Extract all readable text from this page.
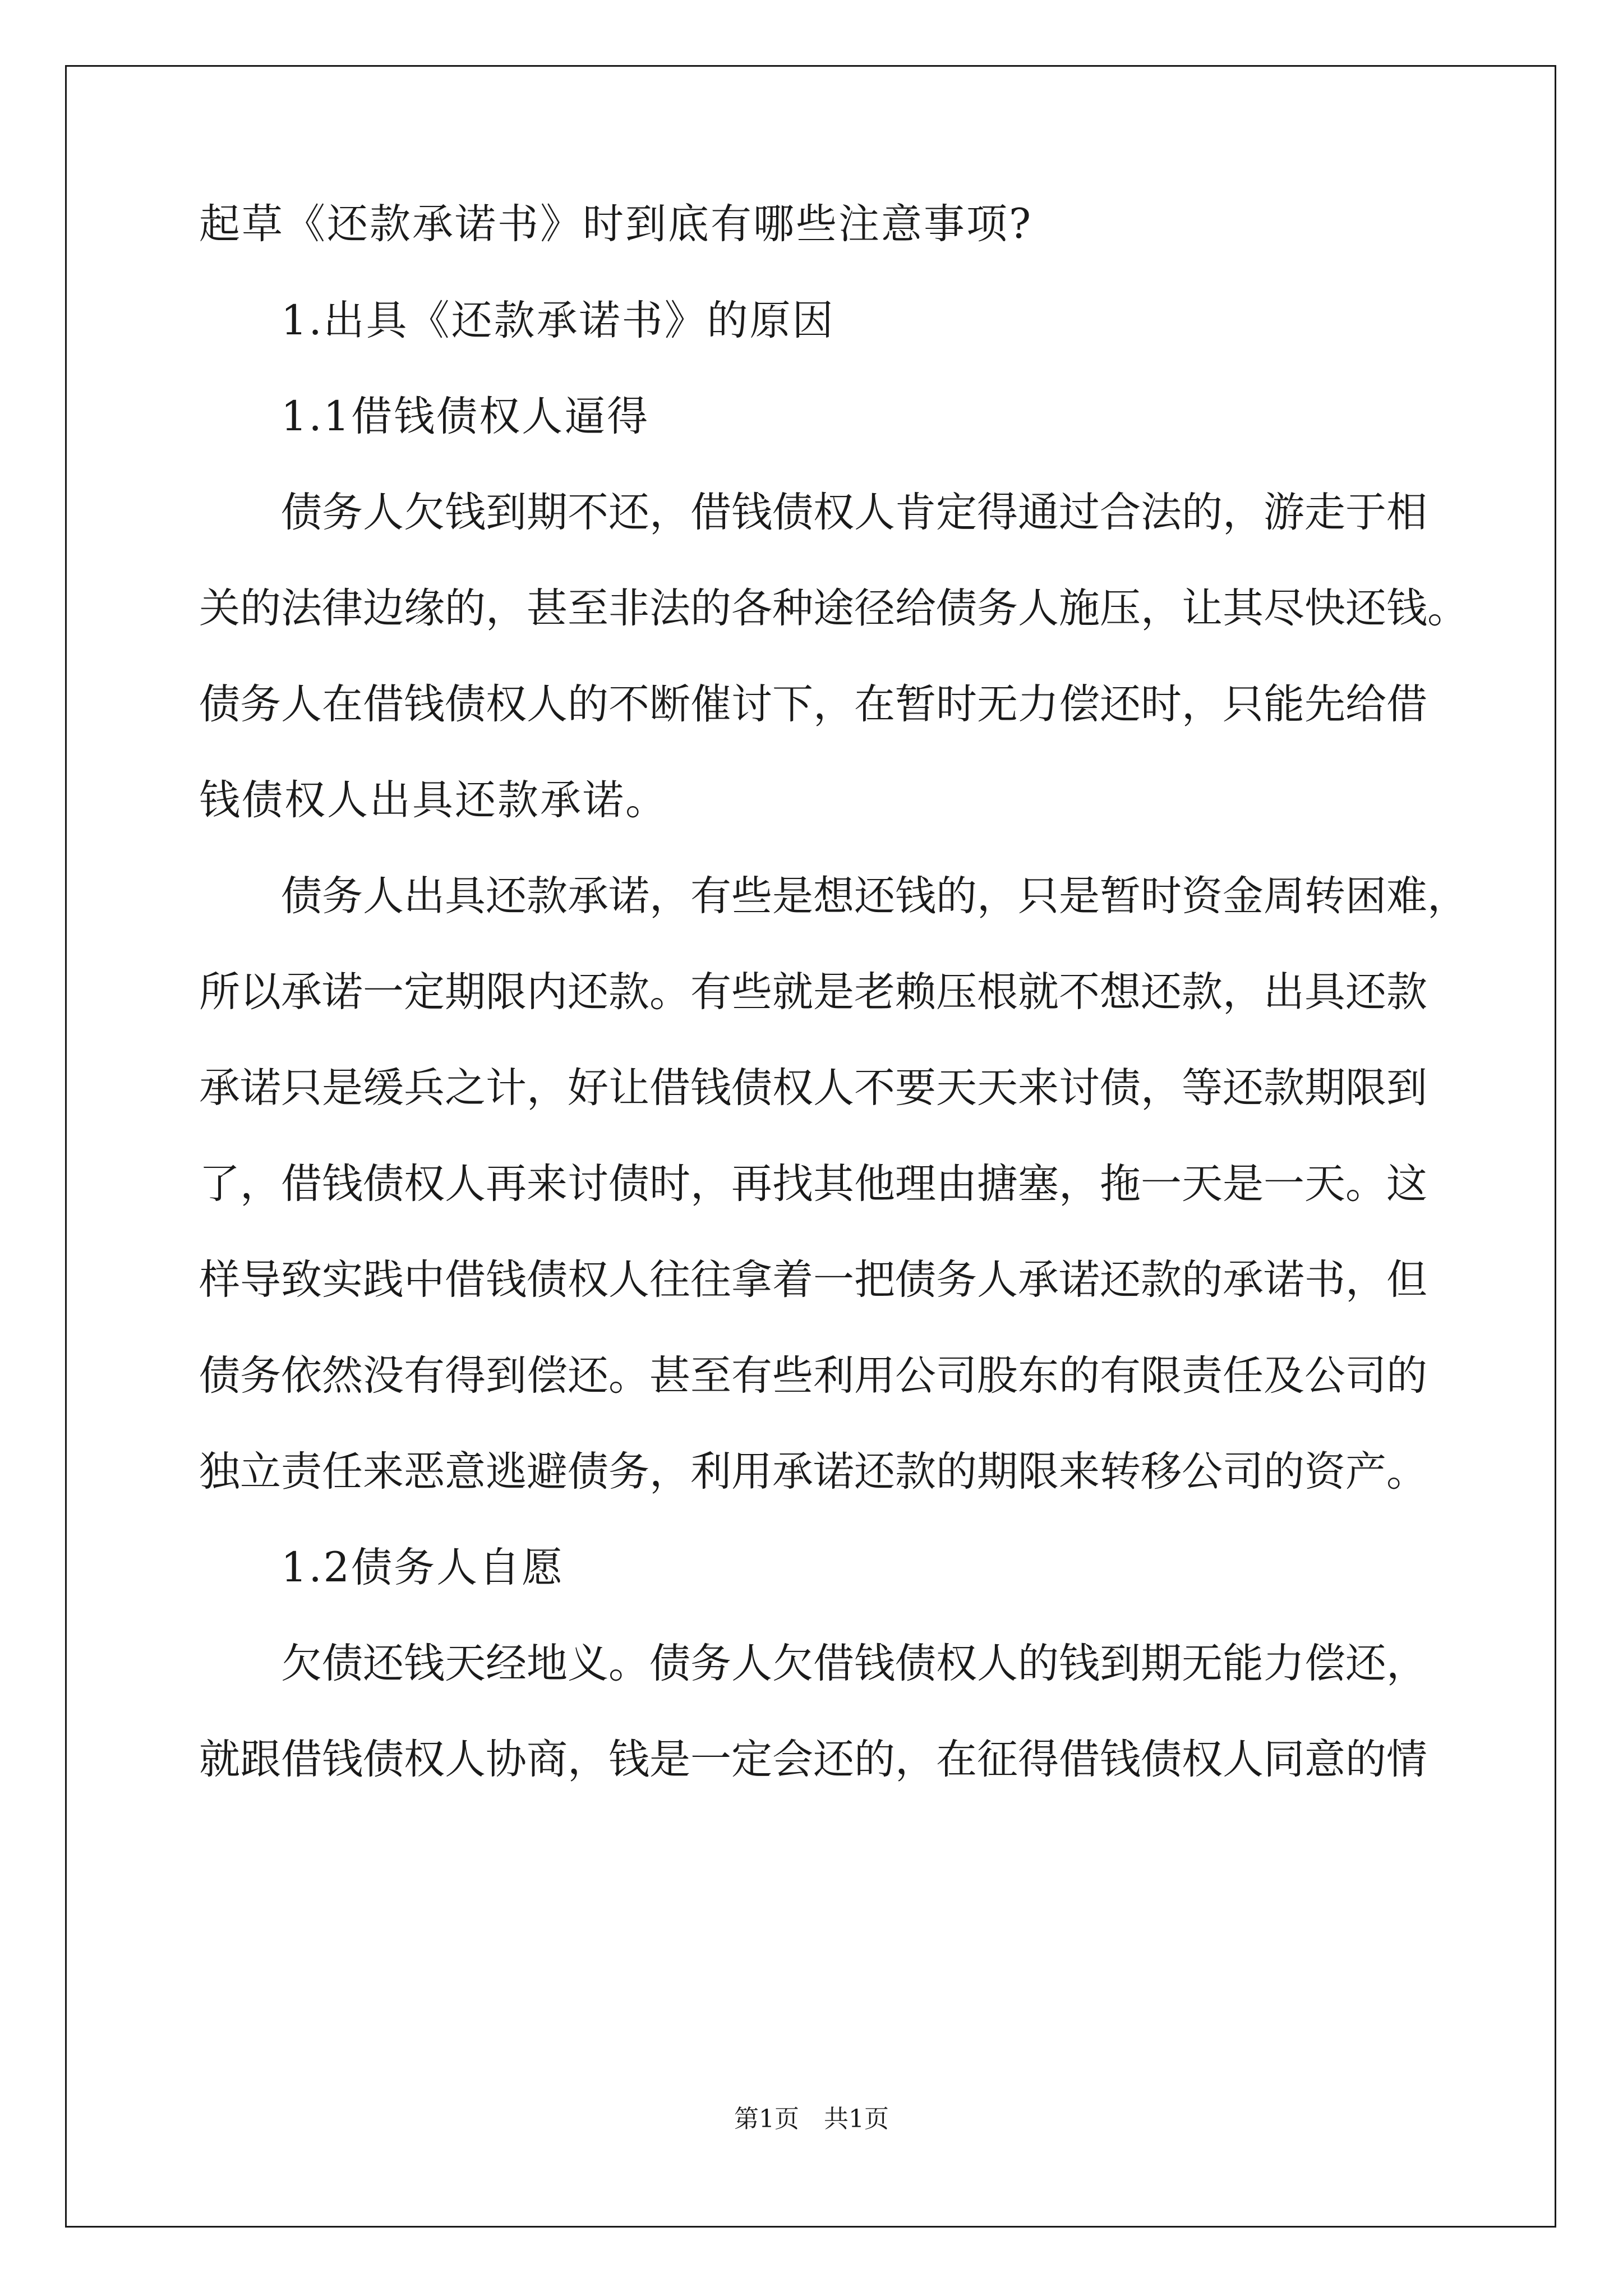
起草《还款承诺书》时到底有哪些注意事项?
1.出具《还款承诺书》的原因
1.1借钱债权人逼得
债务人欠钱到期不还，借钱债权人肯定得通过合法的，游走于相
关的法律边缘的，甚至非法的各种途径给债务人施压，让其尽快还钱。
债务人在借钱债权人的不断催讨下，在暂时无力偿还时，只能先给借
钱债权人出具还款承诺。
债务人出具还款承诺，有些是想还钱的，只是暂时资金周转困难，
所以承诺一定期限内还款。有些就是老赖压根就不想还款，出具还款
承诺只是缓兵之计，好让借钱债权人不要天天来讨债，等还款期限到
了，借钱债权人再来讨债时，再找其他理由搪塞，拖一天是一天。这
样导致实践中借钱债权人往往拿着一把债务人承诺还款的承诺书，但
债务依然没有得到偿还。甚至有些利用公司股东的有限责任及公司的
独立责任来恶意逃避债务，利用承诺还款的期限来转移公司的资产。
1.2债务人自愿
欠债还钱天经地义。债务人欠借钱债权人的钱到期无能力偿还，
就跟借钱债权人协商，钱是一定会还的，在征得借钱债权人同意的情
第1页　共1页
